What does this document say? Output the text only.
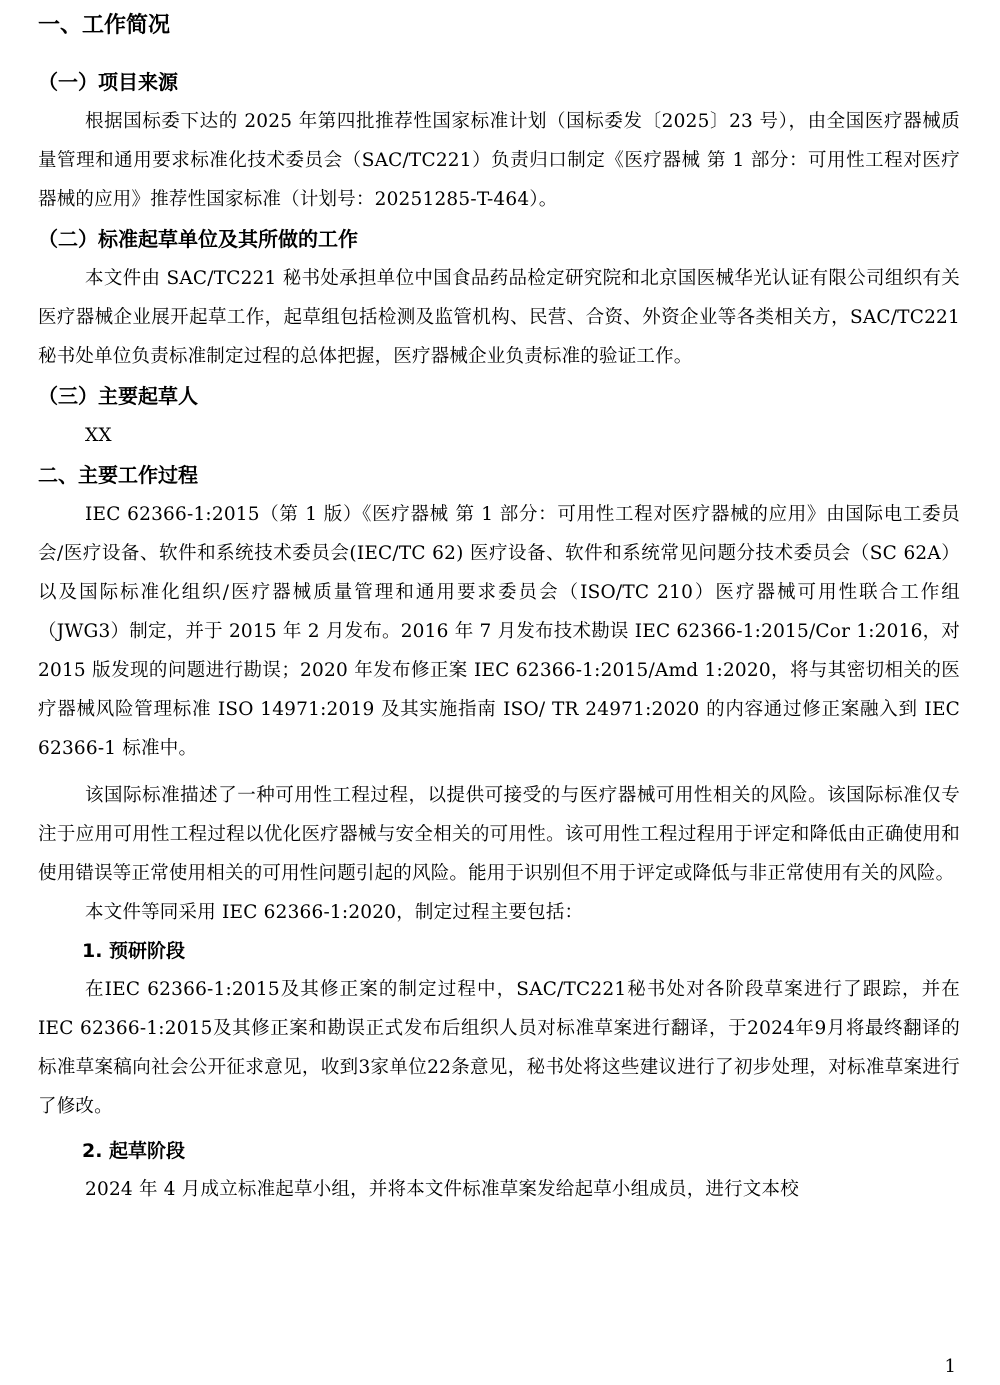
一、工作简况
（一）项目来源

根据国标委下达的 2025 年第四批推荐性国家标准计划（国标委发〔2025〕23 号），由全国医疗器械质量管理和通用要求标准化技术委员会（SAC/TC221）负责归口制定《医疗器械 第 1 部分：可用性工程对医疗器械的应用》推荐性国家标准（计划号：20251285-T-464）。

（二）标准起草单位及其所做的工作

本文件由 SAC/TC221 秘书处承担单位中国食品药品检定研究院和北京国医械华光认证有限公司组织有关医疗器械企业展开起草工作，起草组包括检测及监管机构、民营、合资、外资企业等各类相关方，SAC/TC221 秘书处单位负责标准制定过程的总体把握，医疗器械企业负责标准的验证工作。

（三）主要起草人

XX

二、主要工作过程

IEC 62366-1:2015（第 1 版）《医疗器械 第 1 部分：可用性工程对医疗器械的应用》由国际电工委员会/医疗设备、软件和系统技术委员会(IEC/TC 62) 医疗设备、软件和系统常见问题分技术委员会（SC 62A）以及国际标准化组织/医疗器械质量管理和通用要求委员会（ISO/TC 210）医疗器械可用性联合工作组（JWG3）制定，并于 2015 年 2 月发布。2016 年 7 月发布技术勘误 IEC 62366-1:2015/Cor 1:2016，对 2015 版发现的问题进行勘误；2020 年发布修正案 IEC 62366-1:2015/Amd 1:2020，将与其密切相关的医疗器械风险管理标准 ISO 14971:2019 及其实施指南 ISO/ TR 24971:2020 的内容通过修正案融入到 IEC 62366-1 标准中。

该国际标准描述了一种可用性工程过程，以提供可接受的与医疗器械可用性相关的风险。该国际标准仅专注于应用可用性工程过程以优化医疗器械与安全相关的可用性。该可用性工程过程用于评定和降低由正确使用和使用错误等正常使用相关的可用性问题引起的风险。能用于识别但不用于评定或降低与非正常使用有关的风险。

本文件等同采用 IEC 62366-1:2020，制定过程主要包括：

1. 预研阶段

在IEC 62366-1:2015及其修正案的制定过程中，SAC/TC221秘书处对各阶段草案进行了跟踪，并在IEC 62366-1:2015及其修正案和勘误正式发布后组织人员对标准草案进行翻译，于2024年9月将最终翻译的标准草案稿向社会公开征求意见，收到3家单位22条意见，秘书处将这些建议进行了初步处理，对标准草案进行了修改。

2. 起草阶段

2024 年 4 月成立标准起草小组，并将本文件标准草案发给起草小组成员，进行文本校

1
